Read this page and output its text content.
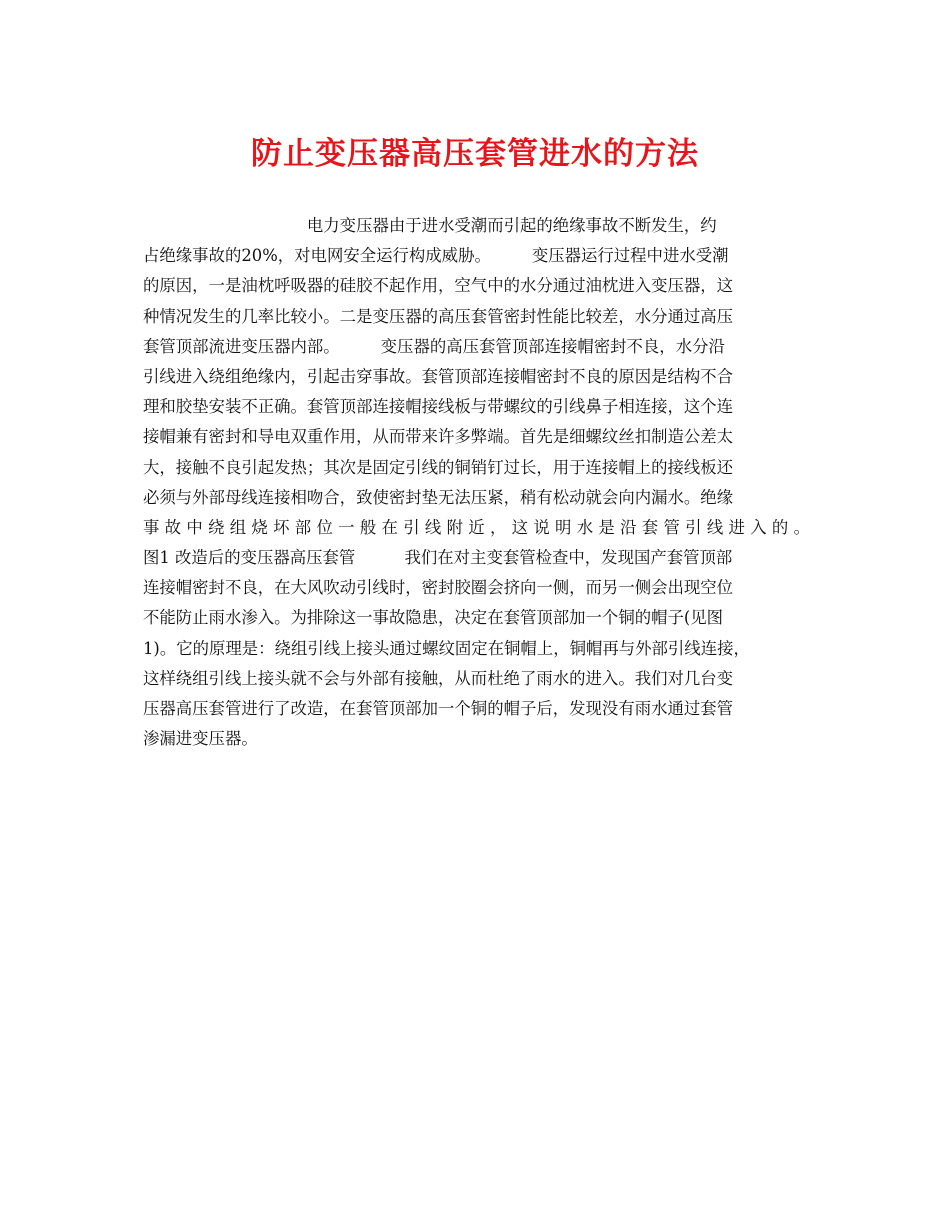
防止变压器高压套管进水的方法
　　　　　　　　　　电力变压器由于进水受潮而引起的绝缘事故不断发生，约
占绝缘事故的20%，对电网安全运行构成威胁。　　　变压器运行过程中进水受潮
的原因，一是油枕呼吸器的硅胶不起作用，空气中的水分通过油枕进入变压器，这
种情况发生的几率比较小。二是变压器的高压套管密封性能比较差，水分通过高压
套管顶部流进变压器内部。　　　变压器的高压套管顶部连接帽密封不良，水分沿
引线进入绕组绝缘内，引起击穿事故。套管顶部连接帽密封不良的原因是结构不合
理和胶垫安装不正确。套管顶部连接帽接线板与带螺纹的引线鼻子相连接，这个连
接帽兼有密封和导电双重作用，从而带来许多弊端。首先是细螺纹丝扣制造公差太
大，接触不良引起发热；其次是固定引线的铜销钉过长，用于连接帽上的接线板还
必须与外部母线连接相吻合，致使密封垫无法压紧，稍有松动就会向内漏水。绝缘
事故中绕组烧坏部位一般在引线附近，这说明水是沿套管引线进入的。
图1 改造后的变压器高压套管　　　我们在对主变套管检查中，发现国产套管顶部
连接帽密封不良，在大风吹动引线时，密封胶圈会挤向一侧，而另一侧会出现空位
不能防止雨水渗入。为排除这一事故隐患，决定在套管顶部加一个铜的帽子(见图
1)。它的原理是：绕组引线上接头通过螺纹固定在铜帽上，铜帽再与外部引线连接，
这样绕组引线上接头就不会与外部有接触，从而杜绝了雨水的进入。我们对几台变
压器高压套管进行了改造，在套管顶部加一个铜的帽子后，发现没有雨水通过套管
渗漏进变压器。
